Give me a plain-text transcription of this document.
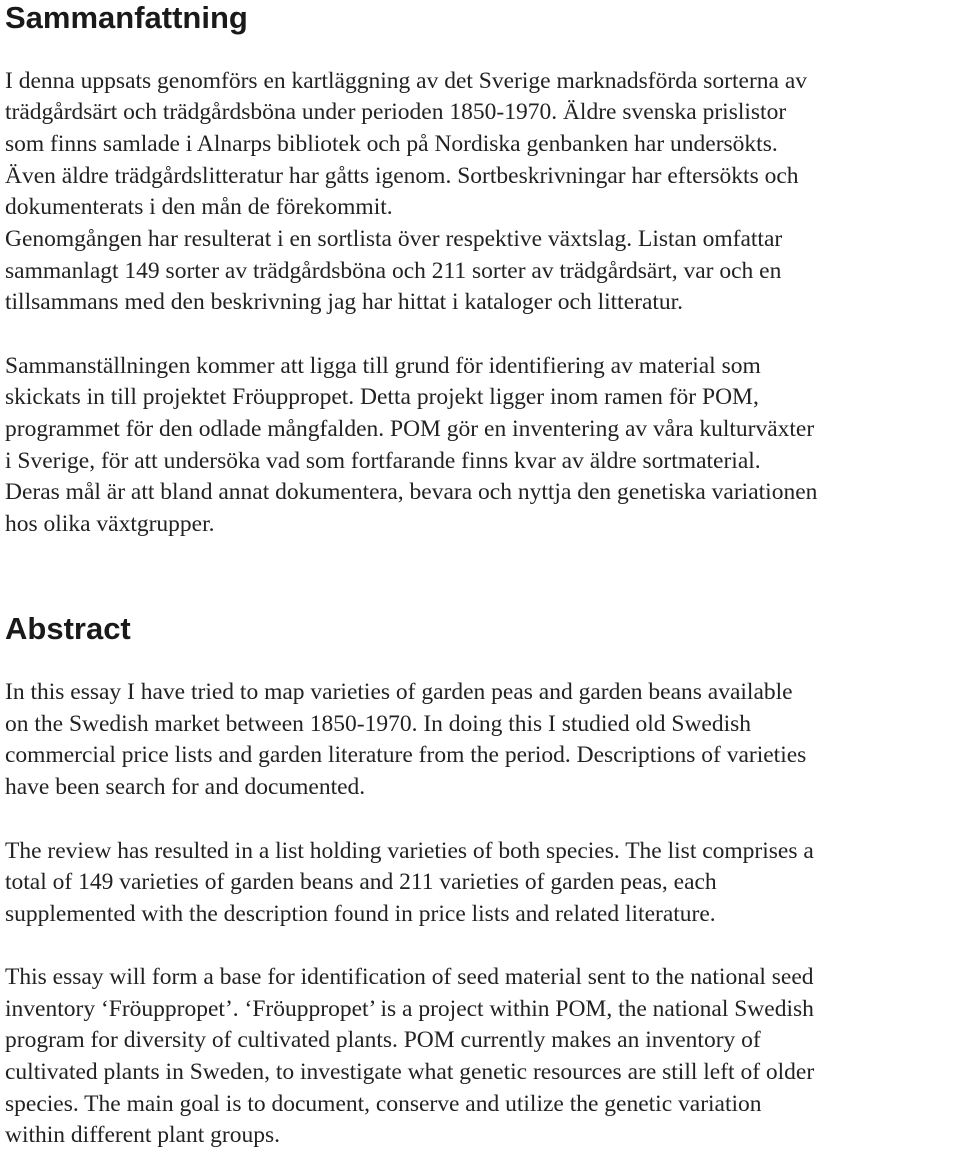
Sammanfattning
I denna uppsats genomförs en kartläggning av det Sverige marknadsförda sorterna av
trädgårdsärt och trädgårdsböna under perioden 1850-1970. Äldre svenska prislistor
som finns samlade i Alnarps bibliotek och på Nordiska genbanken har undersökts.
Även äldre trädgårdslitteratur har gåtts igenom. Sortbeskrivningar har eftersökts och
dokumenterats i den mån de förekommit.
Genomgången har resulterat i en sortlista över respektive växtslag. Listan omfattar
sammanlagt 149 sorter av trädgårdsböna och 211 sorter av trädgårdsärt, var och en
tillsammans med den beskrivning jag har hittat i kataloger och litteratur.
Sammanställningen kommer att ligga till grund för identifiering av material som
skickats in till projektet Fröuppropet. Detta projekt ligger inom ramen för POM,
programmet för den odlade mångfalden. POM gör en inventering av våra kulturväxter
i Sverige, för att undersöka vad som fortfarande finns kvar av äldre sortmaterial.
Deras mål är att bland annat dokumentera, bevara och nyttja den genetiska variationen
hos olika växtgrupper.
Abstract
In this essay I have tried to map varieties of garden peas and garden beans available
on the Swedish market between 1850-1970. In doing this I studied old Swedish
commercial price lists and garden literature from the period. Descriptions of varieties
have been search for and documented.
The review has resulted in a list holding varieties of both species. The list comprises a
total of 149 varieties of garden beans and 211 varieties of garden peas, each
supplemented with the description found in price lists and related literature.
This essay will form a base for identification of seed material sent to the national seed
inventory ‘Fröuppropet’. ‘Fröuppropet’ is a project within POM, the national Swedish
program for diversity of cultivated plants. POM currently makes an inventory of
cultivated plants in Sweden, to investigate what genetic resources are still left of older
species. The main goal is to document, conserve and utilize the genetic variation
within different plant groups.
